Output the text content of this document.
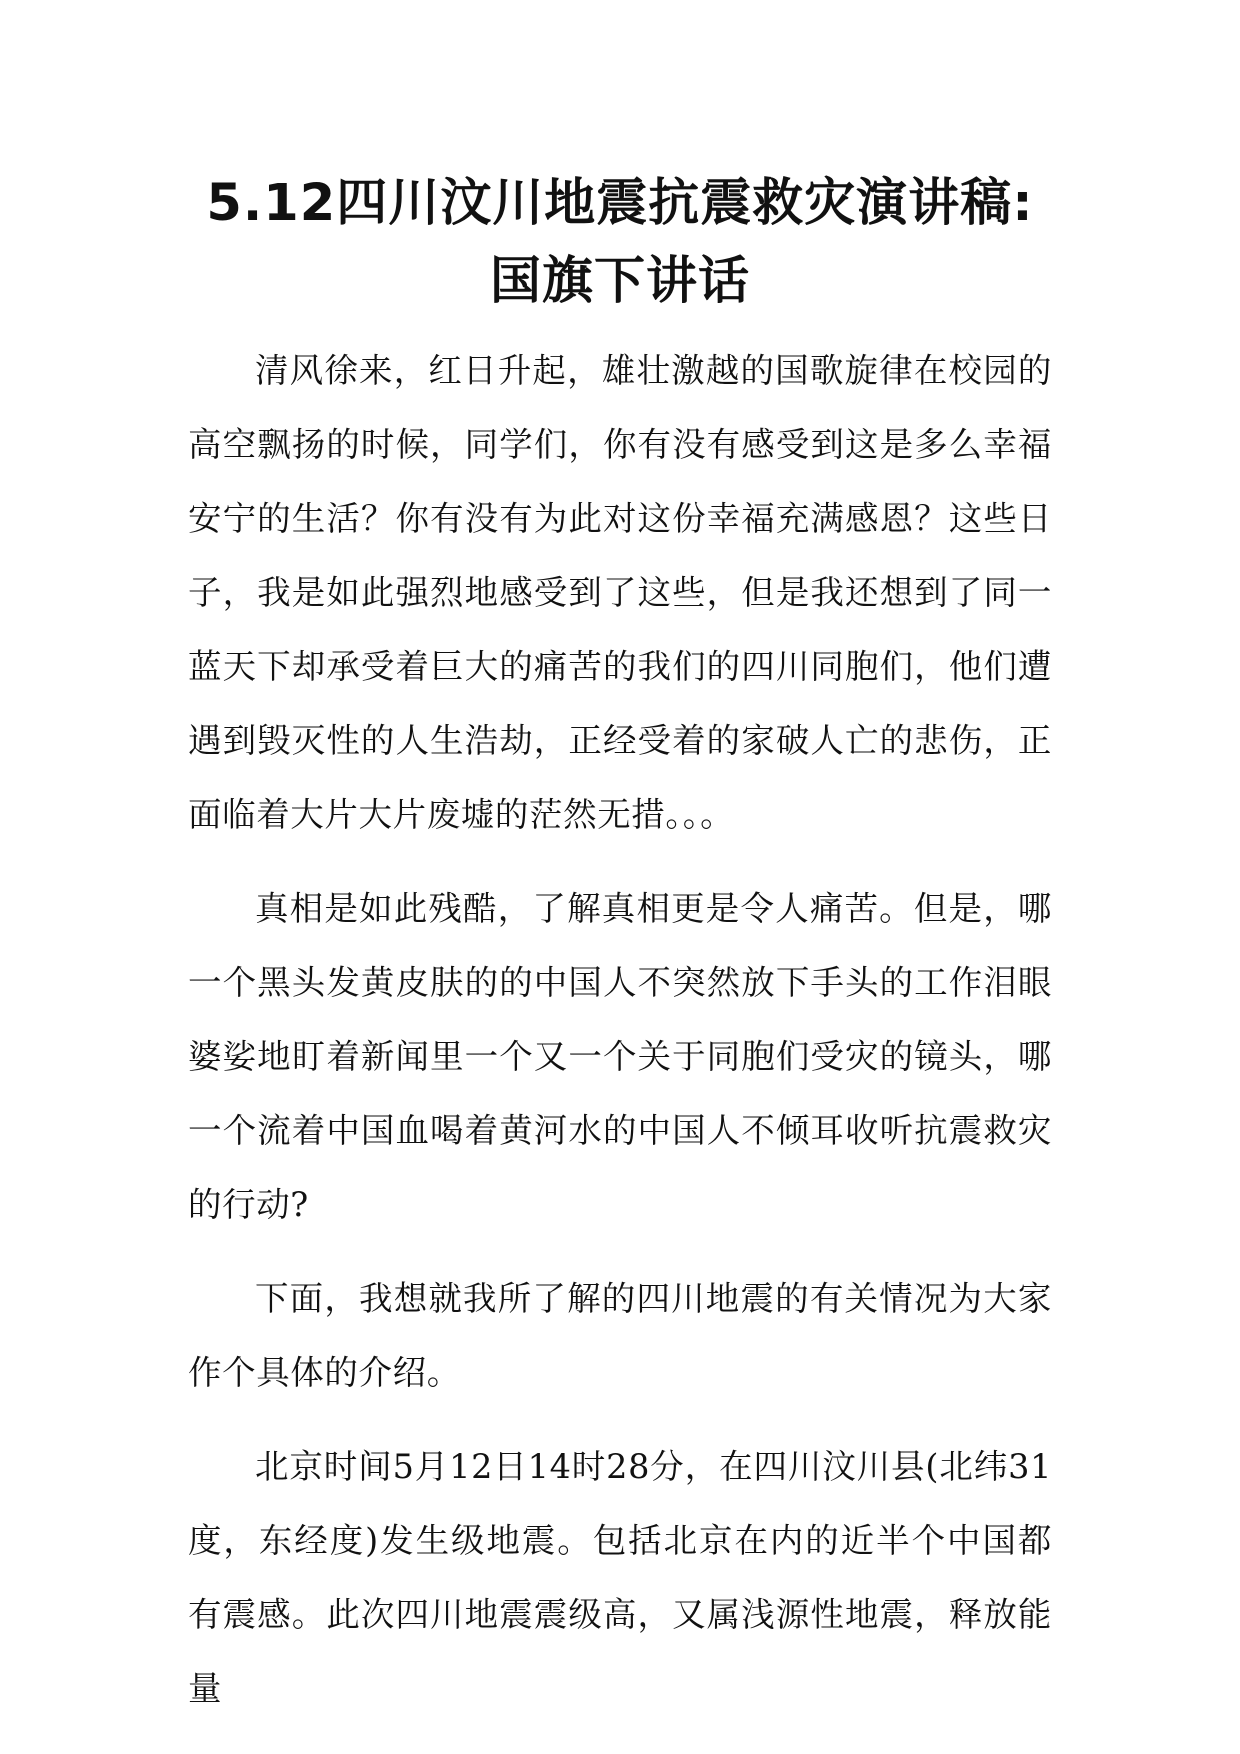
5.12四川汶川地震抗震救灾演讲稿:国旗下讲话

清风徐来，红日升起，雄壮激越的国歌旋律在校园的高空飘扬的时候，同学们，你有没有感受到这是多么幸福安宁的生活？你有没有为此对这份幸福充满感恩？这些日子，我是如此强烈地感受到了这些，但是我还想到了同一蓝天下却承受着巨大的痛苦的我们的四川同胞们，他们遭遇到毁灭性的人生浩劫，正经受着的家破人亡的悲伤，正面临着大片大片废墟的茫然无措。。。

真相是如此残酷，了解真相更是令人痛苦。但是，哪一个黑头发黄皮肤的的中国人不突然放下手头的工作泪眼婆娑地盯着新闻里一个又一个关于同胞们受灾的镜头，哪一个流着中国血喝着黄河水的中国人不倾耳收听抗震救灾的行动?

下面，我想就我所了解的四川地震的有关情况为大家作个具体的介绍。

北京时间5月12日14时28分，在四川汶川县(北纬31度，东经度)发生级地震。包括北京在内的近半个中国都有震感。此次四川地震震级高，又属浅源性地震，释放能量
